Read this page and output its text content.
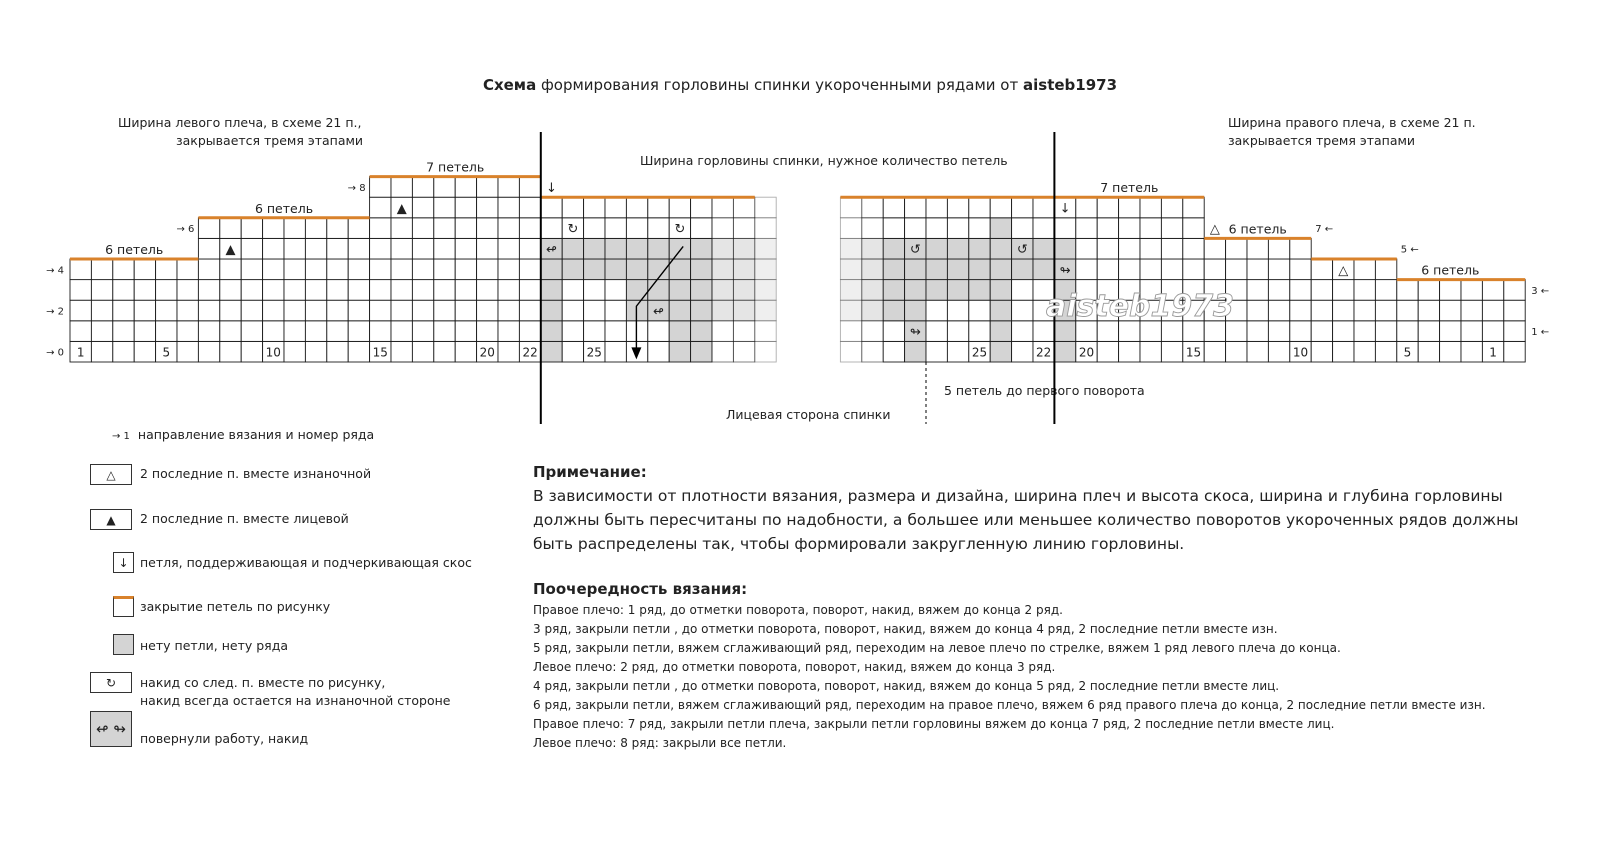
Схема формирования горловины спинки укороченными рядами от aisteb1973
Ширина левого плеча, в схеме 21 п.,
закрывается тремя этапами
Ширина правого плеча, в схеме 21 п.
закрывается тремя этапами
Ширина горловины спинки, нужное количество петель
5 петель до первого поворота
Лицевая сторона спинки
6 петель
6 петель
7 петель
7 петель
6 петель
6 петель
→ 0
→ 2
→ 4
→ 6
→ 8
1 ←
3 ←
5 ←
7 ←
1	5	10	15	20 22	25	25	22 20	15	10	5	1
▲
▲
↓
↓
△
△
↻	↻
↺	↺
↫
↫
↬
↬
aisteb1973
→ 1 направление вязания и номер ряда
△	2 последние п. вместе изнаночной
▲	2 последние п. вместе лицевой
↓ петля, поддерживающая и подчеркивающая скос
закрытие петель по рисунку
нету петли, нету ряда
↻	накид со след. п. вместе по рисунку,
накид всегда остается на изнаночной стороне
↫ ↬
повернули работу, накид
Примечание:
В зависимости от плотности вязания, размера и дизайна, ширина плеч и высота скоса, ширина и глубина горловины должны быть пересчитаны по надобности, а большее или меньшее количество поворотов укороченных рядов должны быть распределены так, чтобы формировали закругленную линию горловины.
Поочередность вязания:
Правое плечо: 1 ряд, до отметки поворота, поворот, накид, вяжем до конца 2 ряд.
3 ряд, закрыли петли , до отметки поворота, поворот, накид, вяжем до конца 4 ряд, 2 последние петли вместе изн.
5 ряд, закрыли петли, вяжем сглаживающий ряд, переходим на левое плечо по стрелке, вяжем 1 ряд левого плеча до конца.
Левое плечо: 2 ряд, до отметки поворота, поворот, накид, вяжем до конца 3 ряд.
4 ряд, закрыли петли , до отметки поворота, поворот, накид, вяжем до конца 5 ряд, 2 последние петли вместе лиц.
6 ряд, закрыли петли, вяжем сглаживающий ряд, переходим на правое плечо, вяжем 6 ряд правого плеча до конца, 2 последние петли вместе изн.
Правое плечо: 7 ряд, закрыли петли плеча, закрыли петли горловины вяжем до конца 7 ряд, 2 последние петли вместе лиц.
Левое плечо: 8 ряд: закрыли все петли.
